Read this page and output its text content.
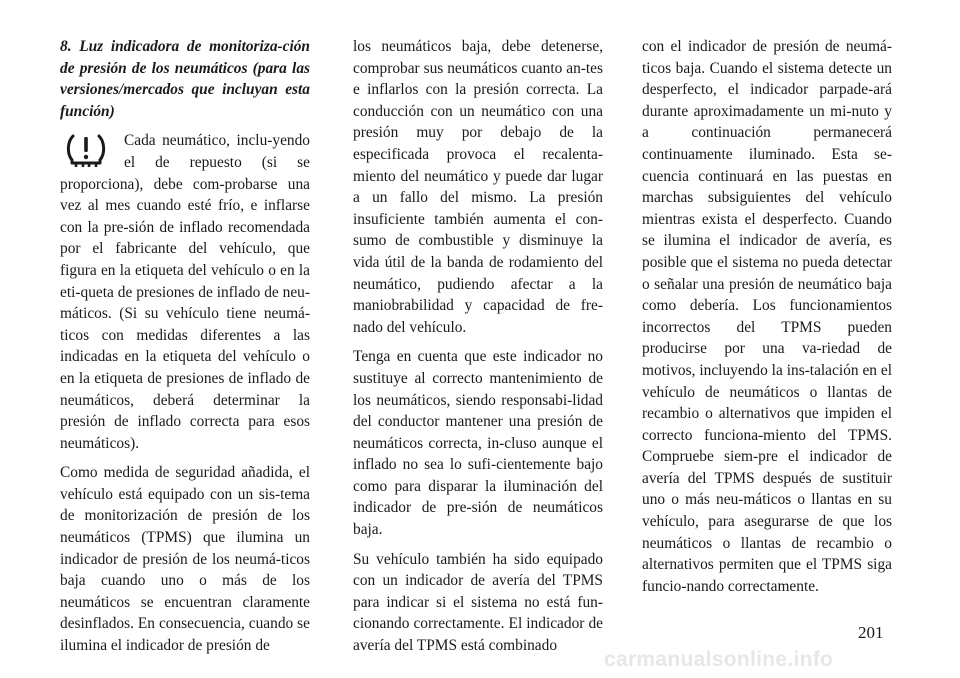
8. Luz indicadora de monitoriza-ción de presión de los neumáticos (para las versiones/mercados que incluyan esta función)

Cada neumático, inclu-yendo el de repuesto (si se proporciona), debe com-probarse una vez al mes cuando esté frío, e inflarse con la pre-sión de inflado recomendada por el fabricante del vehículo, que figura en la etiqueta del vehículo o en la eti-queta de presiones de inflado de neu-máticos. (Si su vehículo tiene neumá-ticos con medidas diferentes a las indicadas en la etiqueta del vehículo o en la etiqueta de presiones de inflado de neumáticos, deberá determinar la presión de inflado correcta para esos neumáticos).

Como medida de seguridad añadida, el vehículo está equipado con un sis-tema de monitorización de presión de los neumáticos (TPMS) que ilumina un indicador de presión de los neumá-ticos baja cuando uno o más de los neumáticos se encuentran claramente desinflados. En consecuencia, cuando se ilumina el indicador de presión de

los neumáticos baja, debe detenerse, comprobar sus neumáticos cuanto an-tes e inflarlos con la presión correcta. La conducción con un neumático con una presión muy por debajo de la especificada provoca el recalenta-miento del neumático y puede dar lugar a un fallo del mismo. La presión insuficiente también aumenta el con-sumo de combustible y disminuye la vida útil de la banda de rodamiento del neumático, pudiendo afectar a la maniobrabilidad y capacidad de fre-nado del vehículo.

Tenga en cuenta que este indicador no sustituye al correcto mantenimiento de los neumáticos, siendo responsabi-lidad del conductor mantener una presión de neumáticos correcta, in-cluso aunque el inflado no sea lo sufi-cientemente bajo como para disparar la iluminación del indicador de pre-sión de neumáticos baja.

Su vehículo también ha sido equipado con un indicador de avería del TPMS para indicar si el sistema no está fun-cionando correctamente. El indicador de avería del TPMS está combinado

con el indicador de presión de neumá-ticos baja. Cuando el sistema detecte un desperfecto, el indicador parpade-ará durante aproximadamente un mi-nuto y a continuación permanecerá continuamente iluminado. Esta se-cuencia continuará en las puestas en marchas subsiguientes del vehículo mientras exista el desperfecto. Cuando se ilumina el indicador de avería, es posible que el sistema no pueda detectar o señalar una presión de neumático baja como debería. Los funcionamientos incorrectos del TPMS pueden producirse por una va-riedad de motivos, incluyendo la ins-talación en el vehículo de neumáticos o llantas de recambio o alternativos que impiden el correcto funciona-miento del TPMS. Compruebe siem-pre el indicador de avería del TPMS después de sustituir uno o más neu-máticos o llantas en su vehículo, para asegurarse de que los neumáticos o llantas de recambio o alternativos permiten que el TPMS siga funcio-nando correctamente.

201
carmanualsonline.info
